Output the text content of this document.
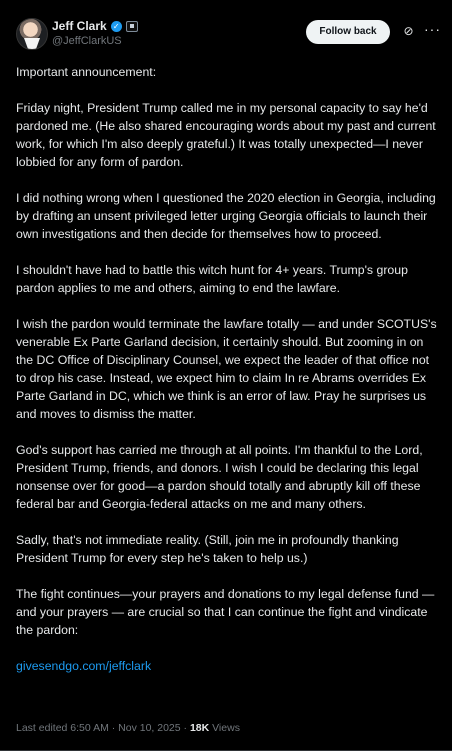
Jeff Clark ✓
@JeffClarkUS
Follow back	⊘ ···

Important announcement:

Friday night, President Trump called me in my personal capacity to say he'd pardoned me. (He also shared encouraging words about my past and current work, for which I'm also deeply grateful.) It was totally unexpected—I never lobbied for any form of pardon.

I did nothing wrong when I questioned the 2020 election in Georgia, including by drafting an unsent privileged letter urging Georgia officials to launch their own investigations and then decide for themselves how to proceed.

I shouldn't have had to battle this witch hunt for 4+ years. Trump's group pardon applies to me and others, aiming to end the lawfare.

I wish the pardon would terminate the lawfare totally — and under SCOTUS's venerable Ex Parte Garland decision, it certainly should. But zooming in on the DC Office of Disciplinary Counsel, we expect the leader of that office not to drop his case. Instead, we expect him to claim In re Abrams overrides Ex Parte Garland in DC, which we think is an error of law. Pray he surprises us and moves to dismiss the matter.

God's support has carried me through at all points. I'm thankful to the Lord, President Trump, friends, and donors. I wish I could be declaring this legal nonsense over for good—a pardon should totally and abruptly kill off these federal bar and Georgia-federal attacks on me and many others.

Sadly, that's not immediate reality. (Still, join me in profoundly thanking President Trump for every step he's taken to help us.)

The fight continues—your prayers and donations to my legal defense fund — and your prayers — are crucial so that I can continue the fight and vindicate the pardon:

givesendgo.com/jeffclark
Last edited 6:50 AM · Nov 10, 2025 · 18K Views
